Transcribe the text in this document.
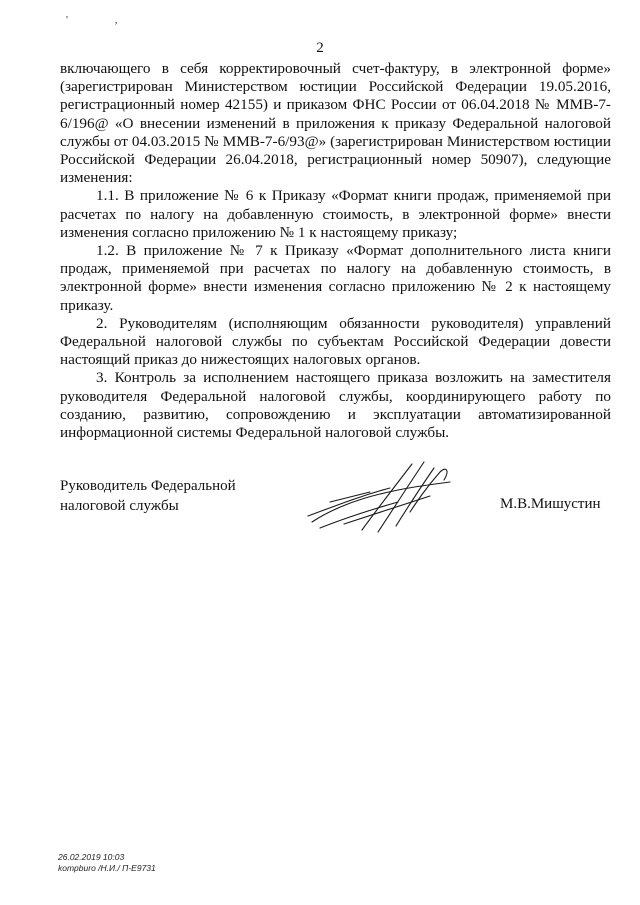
' ,
2

включающего в себя корректировочный счет-фактуру, в электронной форме» (зарегистрирован Министерством юстиции Российской Федерации 19.05.2016, регистрационный номер 42155) и приказом ФНС России от 06.04.2018 № ММВ-7-6/196@ «О внесении изменений в приложения к приказу Федеральной налоговой службы от 04.03.2015 № ММВ-7-6/93@» (зарегистрирован Министерством юстиции Российской Федерации 26.04.2018, регистрационный номер 50907), следующие изменения:

1.1. В приложение № 6 к Приказу «Формат книги продаж, применяемой при расчетах по налогу на добавленную стоимость, в электронной форме» внести изменения согласно приложению № 1 к настоящему приказу;

1.2. В приложение № 7 к Приказу «Формат дополнительного листа книги продаж, применяемой при расчетах по налогу на добавленную стоимость, в электронной форме» внести изменения согласно приложению № 2 к настоящему приказу.

2. Руководителям (исполняющим обязанности руководителя) управлений Федеральной налоговой службы по субъектам Российской Федерации довести настоящий приказ до нижестоящих налоговых органов.

3. Контроль за исполнением настоящего приказа возложить на заместителя руководителя Федеральной налоговой службы, координирующего работу по созданию, развитию, сопровождению и эксплуатации автоматизированной информационной системы Федеральной налоговой службы.

Руководитель Федеральной
налоговой службы	М.В.Мишустин
26.02.2019 10:03
kompburo /Н.И./ П-Е9731
